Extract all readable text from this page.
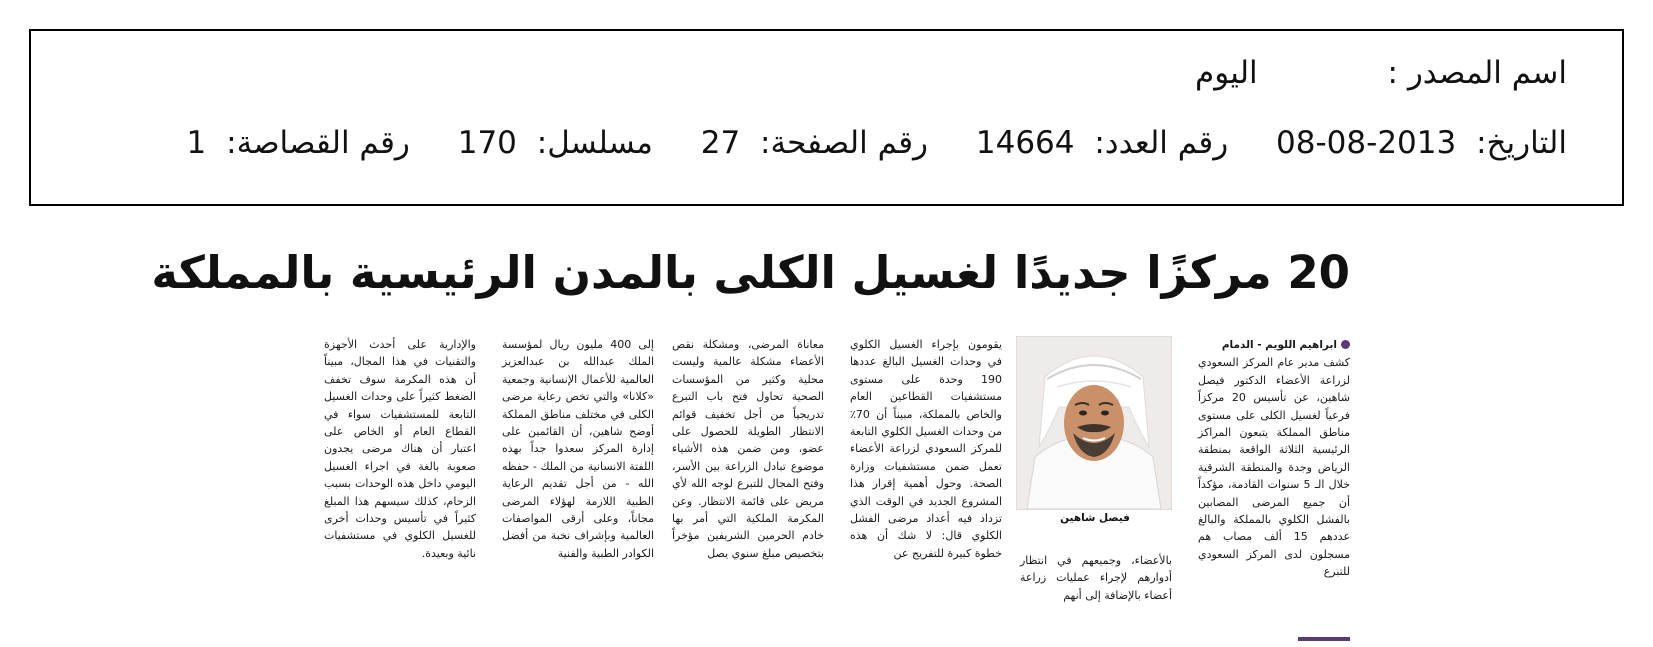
اسم المصدر : اليوم
التاريخ: 2013-08-08 رقم العدد: 14664 رقم الصفحة: 27 مسلسل: 170 رقم القصاصة: 1
20 مركزًا جديدًا لغسيل الكلى بالمدن الرئيسية بالمملكة

ابراهيم اللويم - الدمام

كشف مدير عام المركز السعودي لزراعة الأعضاء الدكتور فيصل شاهين، عن تأسيس 20 مركزاً فرعياً لغسيل الكلى على مستوى مناطق المملكة يتبعون المراكز الرئيسية الثلاثة الواقعة بمنطقة الرياض وجدة والمنطقة الشرقية خلال الـ 5 سنوات القادمة، مؤكداً أن جميع المرضى المصابين بالفشل الكلوي بالمملكة والبالغ عددهم 15 ألف مصاب هم مسجلون لدى المركز السعودي للتبرع

فيصل شاهين

بالأعضاء، وجميعهم في انتظار أدوارهم لإجراء عمليات زراعة أعضاء بالإضافة إلى أنهم

يقومون بإجراء الغسيل الكلوي في وحدات الغسيل البالغ عددها 190 وحدة على مستوى مستشفيات القطاعين العام والخاص بالمملكة، مبيناً أن 70٪ من وحدات الغسيل الكلوي التابعة للمركز السعودي لزراعة الأعضاء تعمل ضمن مستشفيات وزارة الصحة. وحول أهمية إقرار هذا المشروع الجديد في الوقت الذي تزداد فيه أعداد مرضى الفشل الكلوي قال: لا شك أن هذه خطوة كبيرة للتفريج عن

معاناة المرضى، ومشكلة نقص الأعضاء مشكلة عالمية وليست محلية وكثير من المؤسسات الصحية تحاول فتح باب التبرع تدريجياً من أجل تخفيف قوائم الانتظار الطويلة للحصول على عضو، ومن ضمن هذه الأشياء موضوع تبادل الزراعة بين الأسر، وفتح المجال للتبرع لوجه الله لأي مريض على قائمة الانتظار. وعن المكرمة الملكية التي أمر بها خادم الحرمين الشريفين مؤخراً بتخصيص مبلغ سنوي يصل

إلى 400 مليون ريال لمؤسسة الملك عبدالله بن عبدالعزيز العالمية للأعمال الإنسانية وجمعية «كلانا» والتي تخص رعاية مرضى الكلى في مختلف مناطق المملكة أوضح شاهين، أن القائمين على إدارة المركز سعدوا جداً بهذه اللفتة الانسانية من الملك - حفظه الله - من أجل تقديم الرعاية الطبية اللازمة لهؤلاء المرضى مجاناً، وعلى أرقى المواصفات العالمية وبإشراف نخبة من أفضل الكوادر الطبية والفنية

والإدارية على أحدث الأجهزة والتقنيات في هذا المجال، مبيناً أن هذه المكرمة سوف تخفف الضغط كثيراً على وحدات الغسيل التابعة للمستشفيات سواء في القطاع العام أو الخاص على اعتبار أن هناك مرضى يجدون صعوبة بالغة في اجراء الغسيل اليومي داخل هذه الوحدات بسبب الزحام، كذلك سيسهم هذا المبلغ كثيراً في تأسيس وحدات أخرى للغسيل الكلوي في مستشفيات نائية وبعيدة.
